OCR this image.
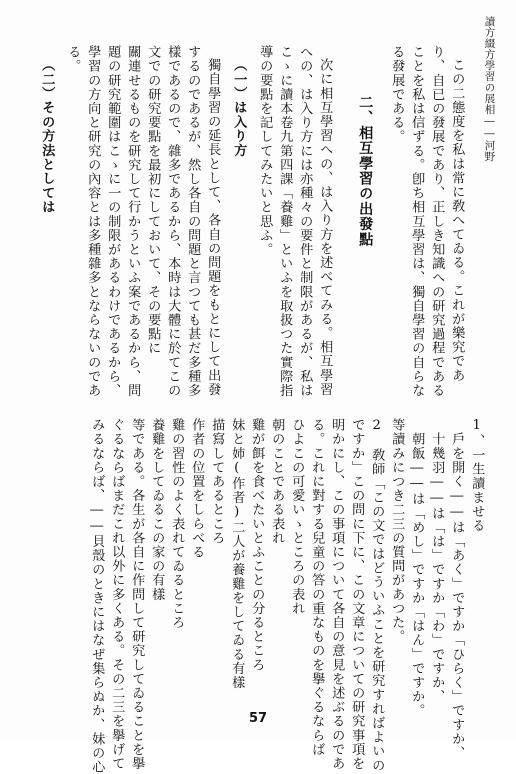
讀方綴方學習の展相――河野
この二態度を私は常に敎へてゐる。これが樂究であ
り、自已の發展であり、正しき知識への研究過程である
ことを私は信ずる。卽ち相互學習は、獨自學習の自らな
る發展である。
二、相互學習の出發點
次に相互學習への、は入り方を述べてみる。相互學習
への、は入り方には亦種々の要件と制限があるが、私は
こゝに讀本卷九第四課「養雞」といふを取扱つた實際指
導の要點を記してみたいと思ふ。
（一）は入り方
獨自學習の延長として、各自の問題をもとにして出發
するのであるが、然し各自の問題と言つても甚だ多種多
樣であるので、雜多であるから、本時は大體に於てこの
文での研究要點を最初にしておいて、その要點に
關連せるものを研究して行かうといふ案であるから、問
題の研究範圍はこゝに一の制限があるわけであるから、
學習の方向と研究の內容とは多種雜多とならないのであ
る。
（二）その方法としては
1、一生讀ませる
　戶を開く――は「あく」ですか「ひらく」ですか、
　十幾羽――は「は」ですか「わ」ですか、
　朝飯――は「めし」ですか「はん」ですか。
等讀みにつき二三の質問があつた。
2　敎師「この文ではどういふことを研究すればよいの
ですか」この問に下に、この文章についての研究事項を
明かにし、この事項について各自の意見を述ぶるのであ
る。これに對する兒童の答の重なものを擧ぐるならば
ひよこの可愛いゝところの表れ
朝のことである表れ
雞が餌を食べたいとふことの分るところ
妹と姉(作者)二人が養雞をしてゐる有樣
描寫してあるところ
作者の位置をしらべる
雞の習性のよく表れてゐるところ
養雞をしてゐるこの家の有樣
等である。各生が各自に作問して研究してゐることを擧
ぐるならばまだこれ以外に多くある。その二三を擧げて
みるならば、――貝殼のときにはなぜ集らぬか、妹の心	57
